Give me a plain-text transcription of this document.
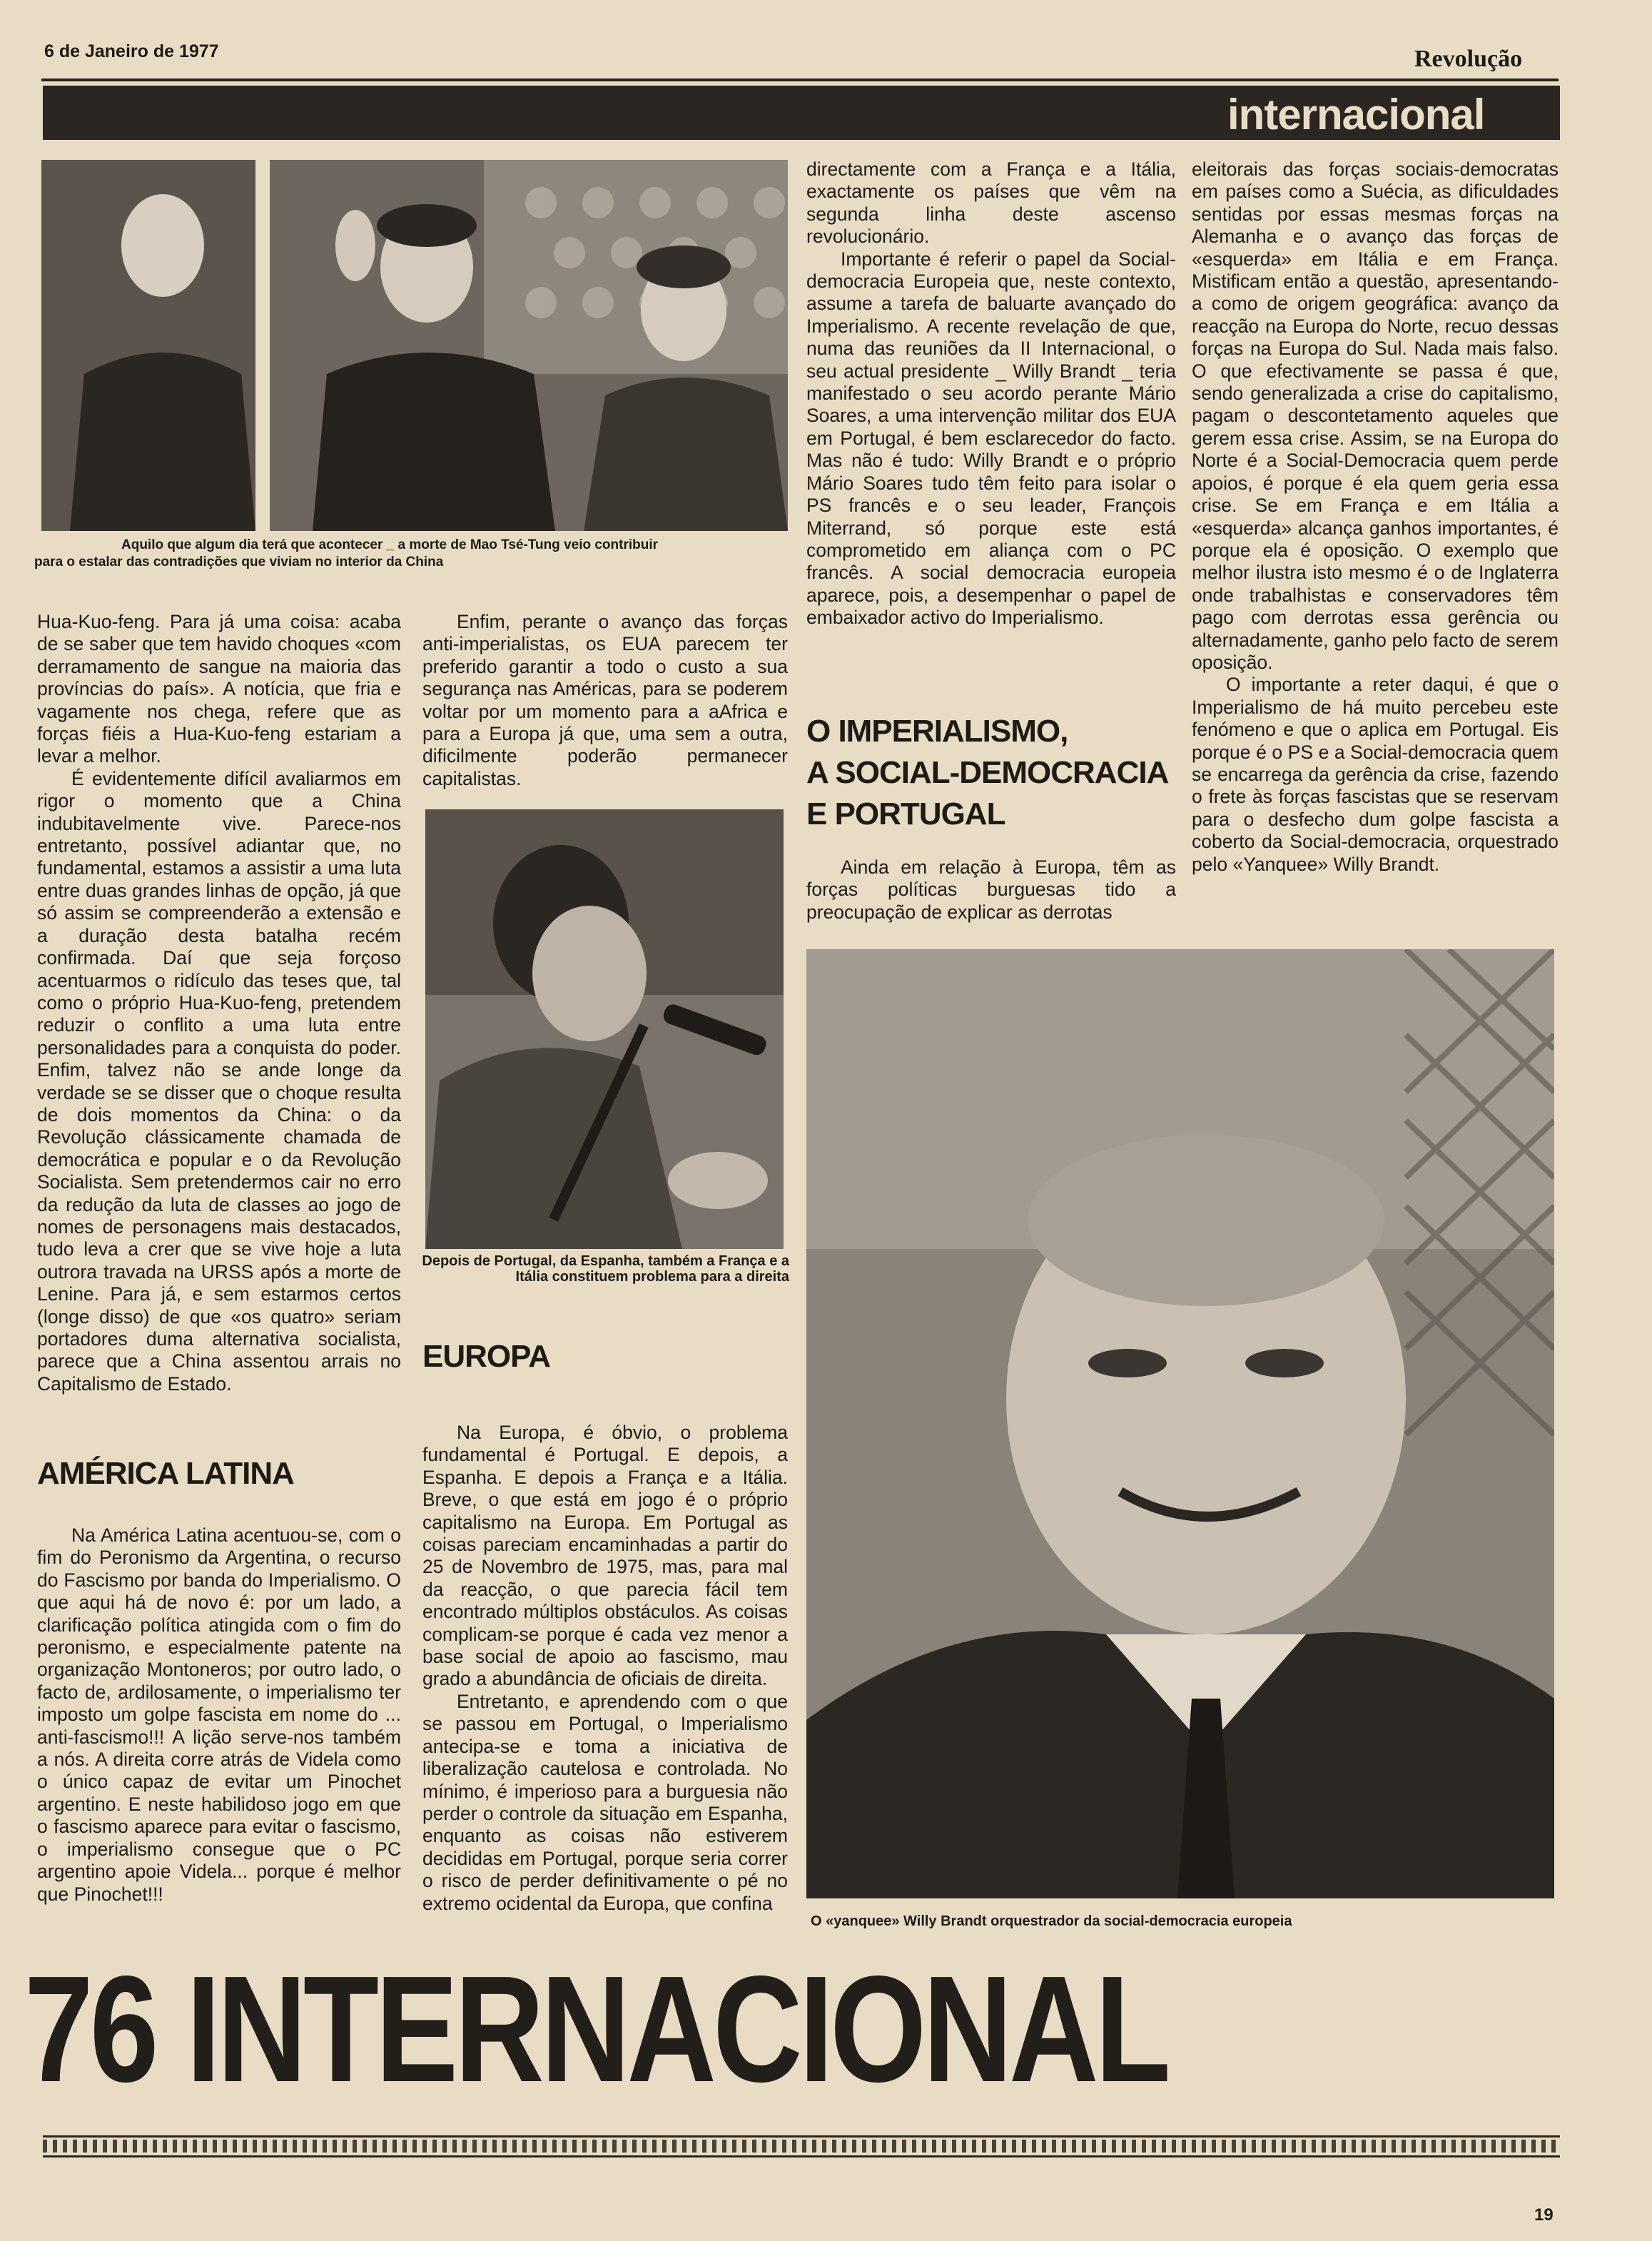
6 de Janeiro de 1977	Revolução
internacional
Aquilo que algum dia terá que acontecer _ a morte de Mao Tsé-Tung veio contribuir
para o estalar das contradições que viviam no interior da China

Hua-Kuo-feng. Para já uma coisa: acaba de se saber que tem havido choques «com derramamento de sangue na maioria das províncias do país». A notícia, que fria e vagamente nos chega, refere que as forças fiéis a Hua-Kuo-feng estariam a levar a melhor.

É evidentemente difícil avaliarmos em rigor o momento que a China indubitavelmente vive. Parece-nos entretanto, possível adiantar que, no fundamental, estamos a assistir a uma luta entre duas grandes linhas de opção, já que só assim se compreenderão a extensão e a duração desta batalha recém confirmada. Daí que seja forçoso acentuarmos o ridículo das teses que, tal como o próprio Hua-Kuo-feng, pretendem reduzir o conflito a uma luta entre personalidades para a conquista do poder. Enfim, talvez não se ande longe da verdade se se disser que o choque resulta de dois momentos da China: o da Revolução clássicamente chamada de democrática e popular e o da Revolução Socialista. Sem pretendermos cair no erro da redução da luta de classes ao jogo de nomes de personagens mais destacados, tudo leva a crer que se vive hoje a luta outrora travada na URSS após a morte de Lenine. Para já, e sem estarmos certos (longe disso) de que «os quatro» seriam portadores duma alternativa socialista, parece que a China assentou arrais no Capitalismo de Estado.

AMÉRICA LATINA

Na América Latina acentuou-se, com o fim do Peronismo da Argentina, o recurso do Fascismo por banda do Imperialismo. O que aqui há de novo é: por um lado, a clarificação política atingida com o fim do peronismo, e especialmente patente na organização Montoneros; por outro lado, o facto de, ardilosamente, o imperialismo ter imposto um golpe fascista em nome do ... anti-fascismo!!! A lição serve-nos também a nós. A direita corre atrás de Videla como o único capaz de evitar um Pinochet argentino. E neste habilidoso jogo em que o fascismo aparece para evitar o fascismo, o imperialismo consegue que o PC argentino apoie Videla... porque é melhor que Pinochet!!!

Enfim, perante o avanço das forças anti-imperialistas, os EUA parecem ter preferido garantir a todo o custo a sua segurança nas Américas, para se poderem voltar por um momento para a aAfrica e para a Europa já que, uma sem a outra, dificilmente poderão permanecer capitalistas.

Depois de Portugal, da Espanha, também a França e a Itália constituem problema para a direita
EUROPA

Na Europa, é óbvio, o problema fundamental é Portugal. E depois, a Espanha. E depois a França e a Itália. Breve, o que está em jogo é o próprio capitalismo na Europa. Em Portugal as coisas pareciam encaminhadas a partir do 25 de Novembro de 1975, mas, para mal da reacção, o que parecia fácil tem encontrado múltiplos obstáculos. As coisas complicam-se porque é cada vez menor a base social de apoio ao fascismo, mau grado a abundância de oficiais de direita.

Entretanto, e aprendendo com o que se passou em Portugal, o Imperialismo antecipa-se e toma a iniciativa de liberalização cautelosa e controlada. No mínimo, é imperioso para a burguesia não perder o controle da situação em Espanha, enquanto as coisas não estiverem decididas em Portugal, porque seria correr o risco de perder definitivamente o pé no extremo ocidental da Europa, que confina

directamente com a França e a Itália, exactamente os países que vêm na segunda linha deste ascenso revolucionário.

Importante é referir o papel da Social-democracia Europeia que, neste contexto, assume a tarefa de baluarte avançado do Imperialismo. A recente revelação de que, numa das reuniões da II Internacional, o seu actual presidente _ Willy Brandt _ teria manifestado o seu acordo perante Mário Soares, a uma intervenção militar dos EUA em Portugal, é bem esclarecedor do facto. Mas não é tudo: Willy Brandt e o próprio Mário Soares tudo têm feito para isolar o PS francês e o seu leader, François Miterrand, só porque este está comprometido em aliança com o PC francês. A social democracia europeia aparece, pois, a desempenhar o papel de embaixador activo do Imperialismo.

O IMPERIALISMO,
A SOCIAL-DEMOCRACIA
E PORTUGAL

Ainda em relação à Europa, têm as forças políticas burguesas tido a preocupação de explicar as derrotas

eleitorais das forças sociais-democratas em países como a Suécia, as dificuldades sentidas por essas mesmas forças na Alemanha e o avanço das forças de «esquerda» em Itália e em França. Mistificam então a questão, apresentando-a como de origem geográfica: avanço da reacção na Europa do Norte, recuo dessas forças na Europa do Sul. Nada mais falso. O que efectivamente se passa é que, sendo generalizada a crise do capitalismo, pagam o descontetamento aqueles que gerem essa crise. Assim, se na Europa do Norte é a Social-Democracia quem perde apoios, é porque é ela quem geria essa crise. Se em França e em Itália a «esquerda» alcança ganhos importantes, é porque ela é oposição. O exemplo que melhor ilustra isto mesmo é o de Inglaterra onde trabalhistas e conservadores têm pago com derrotas essa gerência ou alternadamente, ganho pelo facto de serem oposição.

O importante a reter daqui, é que o Imperialismo de há muito percebeu este fenómeno e que o aplica em Portugal. Eis porque é o PS e a Social-democracia quem se encarrega da gerência da crise, fazendo o frete às forças fascistas que se reservam para o desfecho dum golpe fascista a coberto da Social-democracia, orquestrado pelo «Yanquee» Willy Brandt.

O «yanquee» Willy Brandt orquestrador da social-democracia europeia
76 INTERNACIONAL
19
